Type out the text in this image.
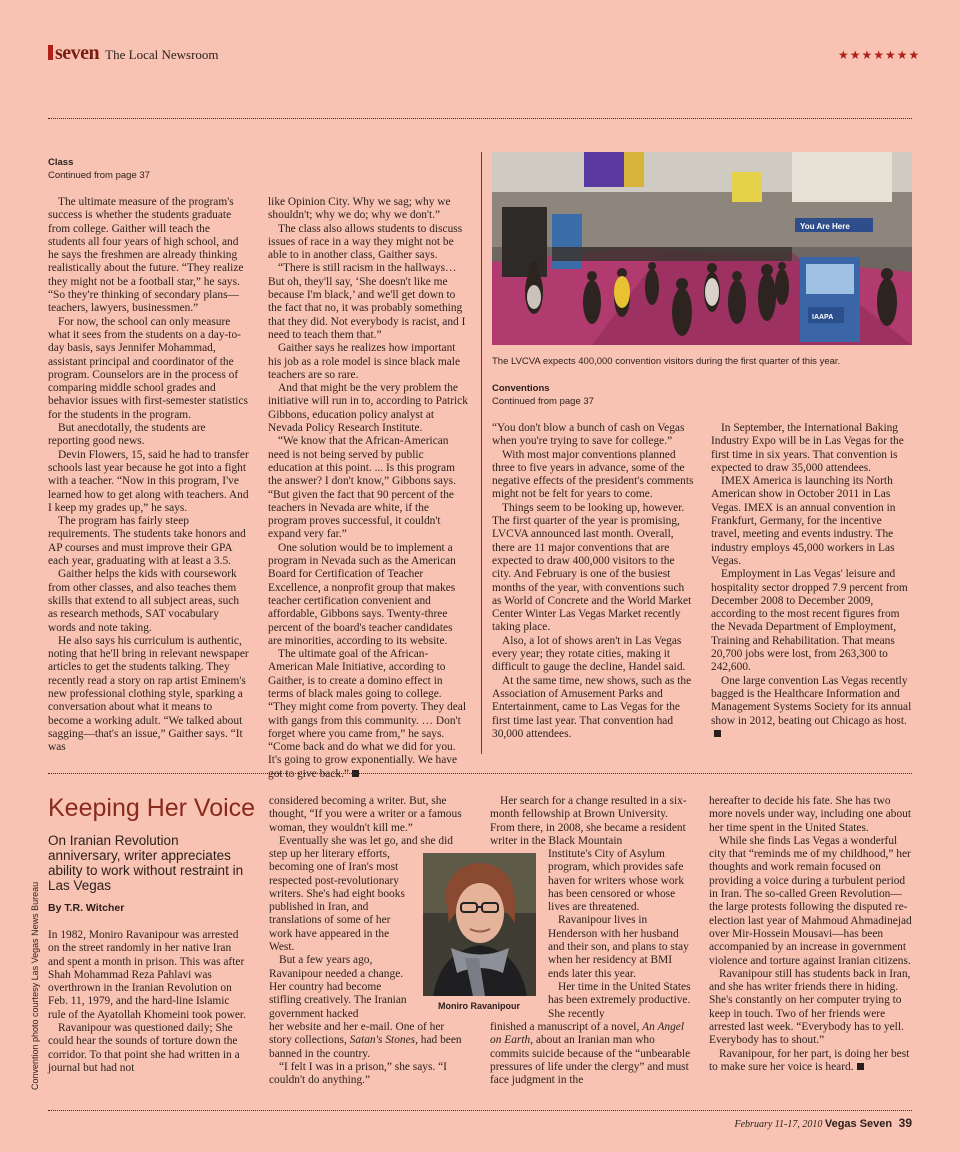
seven The Local Newsroom	★★★★★★★
Class
Continued from page 37

The ultimate measure of the program's success is whether the students graduate from college. Gaither will teach the students all four years of high school, and he says the freshmen are already thinking realistically about the future. “They realize they might not be a football star,” he says. “So they're thinking of secondary plans—teachers, lawyers, businessmen.”

For now, the school can only measure what it sees from the students on a day-to-day basis, says Jennifer Mohammad, assistant principal and coordinator of the program. Counselors are in the process of comparing middle school grades and behavior issues with first-semester statistics for the students in the program.

But anecdotally, the students are reporting good news.

Devin Flowers, 15, said he had to transfer schools last year because he got into a fight with a teacher. “Now in this program, I've learned how to get along with teachers. And I keep my grades up,” he says.

The program has fairly steep requirements. The students take honors and AP courses and must improve their GPA each year, graduating with at least a 3.5.

Gaither helps the kids with coursework from other classes, and also teaches them skills that extend to all subject areas, such as research methods, SAT vocabulary words and note taking.

He also says his curriculum is authentic, noting that he'll bring in relevant newspaper articles to get the students talking. They recently read a story on rap artist Eminem's new professional clothing style, sparking a conversation about what it means to become a working adult. “We talked about sagging—that's an issue,” Gaither says. “It was

like Opinion City. Why we sag; why we shouldn't; why we do; why we don't.”

The class also allows students to discuss issues of race in a way they might not be able to in another class, Gaither says.

“There is still racism in the hallways… But oh, they'll say, ‘She doesn't like me because I'm black,’ and we'll get down to the fact that no, it was probably something that they did. Not everybody is racist, and I need to teach them that.”

Gaither says he realizes how important his job as a role model is since black male teachers are so rare.

And that might be the very problem the initiative will run in to, according to Patrick Gibbons, education policy analyst at Nevada Policy Research Institute.

“We know that the African-American need is not being served by public education at this point. ... Is this program the answer? I don't know,” Gibbons says. “But given the fact that 90 percent of the teachers in Nevada are white, if the program proves successful, it couldn't expand very far.”

One solution would be to implement a program in Nevada such as the American Board for Certification of Teacher Excellence, a nonprofit group that makes teacher certification convenient and affordable, Gibbons says. Twenty-three percent of the board's teacher candidates are minorities, according to its website.

The ultimate goal of the African-American Male Initiative, according to Gaither, is to create a domino effect in terms of black males going to college. “They might come from poverty. They deal with gangs from this community. … Don't forget where you came from,” he says. “Come back and do what we did for you. It's going to grow exponentially. We have got to give back.”

You Are Here
IAAPA
The LVCVA expects 400,000 convention visitors during the first quarter of this year.
Conventions
Continued from page 37

“You don't blow a bunch of cash on Vegas when you're trying to save for college.”

With most major conventions planned three to five years in advance, some of the negative effects of the president's comments might not be felt for years to come.

Things seem to be looking up, however. The first quarter of the year is promising, LVCVA announced last month. Overall, there are 11 major conventions that are expected to draw 400,000 visitors to the city. And February is one of the busiest months of the year, with conventions such as World of Concrete and the World Market Center Winter Las Vegas Market recently taking place.

Also, a lot of shows aren't in Las Vegas every year; they rotate cities, making it difficult to gauge the decline, Handel said.

At the same time, new shows, such as the Association of Amusement Parks and Entertainment, came to Las Vegas for the first time last year. That convention had 30,000 attendees.

In September, the International Baking Industry Expo will be in Las Vegas for the first time in six years. That convention is expected to draw 35,000 attendees.

IMEX America is launching its North American show in October 2011 in Las Vegas. IMEX is an annual convention in Frankfurt, Germany, for the incentive travel, meeting and events industry. The industry employs 45,000 workers in Las Vegas.

Employment in Las Vegas' leisure and hospitality sector dropped 7.9 percent from December 2008 to December 2009, according to the most recent figures from the Nevada Department of Employment, Training and Rehabilitation. That means 20,700 jobs were lost, from 263,300 to 242,600.

One large convention Las Vegas recently bagged is the Healthcare Information and Management Systems Society for its annual show in 2012, beating out Chicago as host.

Convention photo courtesy Las Vegas News Bureau
Keeping Her Voice
On Iranian Revolution anniversary, writer appreciates ability to work without restraint in Las Vegas
By T.R. Witcher

In 1982, Moniro Ravanipour was arrested on the street randomly in her native Iran and spent a month in prison. This was after Shah Mohammad Reza Pahlavi was overthrown in the Iranian Revolution on Feb. 11, 1979, and the hard-line Islamic rule of the Ayatollah Khomeini took power.

Ravanipour was questioned daily; She could hear the sounds of torture down the corridor. To that point she had written in a journal but had not

considered becoming a writer. But, she thought, “If you were a writer or a famous woman, they wouldn't kill me.”

Eventually she was let go, and she did

step up her literary efforts, becoming one of Iran's most respected post-revolutionary writers. She's had eight books published in Iran, and translations of some of her work have appeared in the West.

But a few years ago, Ravanipour needed a change. Her country had become stifling creatively. The Iranian government hacked

her website and her e-mail. One of her story collections, Satan's Stones, had been banned in the country.

“I felt I was in a prison,” she says. “I couldn't do anything.”

Moniro Ravanipour

Her search for a change resulted in a six-month fellowship at Brown University. From there, in 2008, she became a resident writer in the Black Mountain

Institute's City of Asylum program, which provides safe haven for writers whose work has been censored or whose lives are threatened.

Ravanipour lives in Henderson with her husband and their son, and plans to stay when her residency at BMI ends later this year.

Her time in the United States has been extremely productive. She recently

finished a manuscript of a novel, An Angel on Earth, about an Iranian man who commits suicide because of the “unbearable pressures of life under the clergy” and must face judgment in the

hereafter to decide his fate. She has two more novels under way, including one about her time spent in the United States.

While she finds Las Vegas a wonderful city that “reminds me of my childhood,” her thoughts and work remain focused on providing a voice during a turbulent period in Iran. The so-called Green Revolution—the large protests following the disputed re-election last year of Mahmoud Ahmadinejad over Mir-Hossein Mousavi—has been accompanied by an increase in government violence and torture against Iranian citizens.

Ravanipour still has students back in Iran, and she has writer friends there in hiding. She's constantly on her computer trying to keep in touch. Two of her friends were arrested last week. “Everybody has to yell. Everybody has to shout.”

Ravanipour, for her part, is doing her best to make sure her voice is heard.

February 11-17, 2010 Vegas Seven 39
